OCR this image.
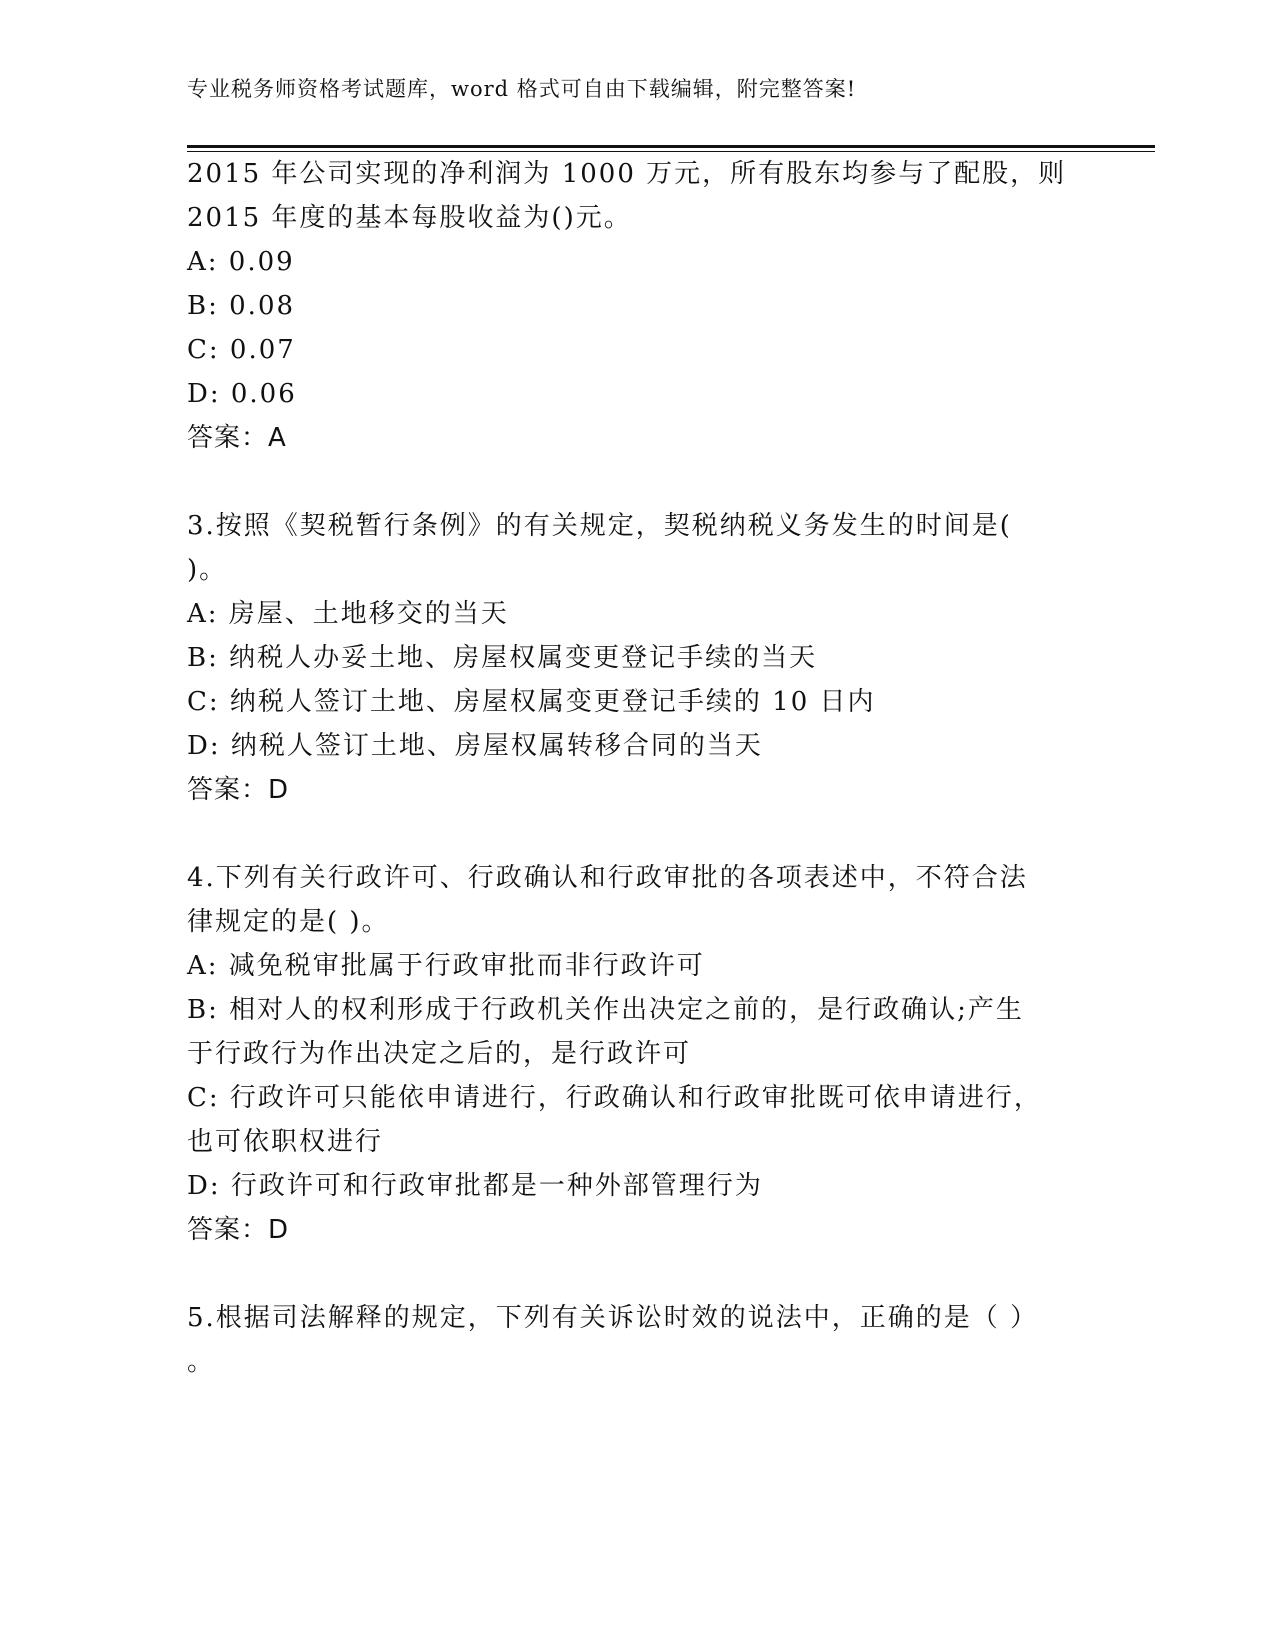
专业税务师资格考试题库，word 格式可自由下载编辑，附完整答案!
2015 年公司实现的净利润为 1000 万元，所有股东均参与了配股，则
2015 年度的基本每股收益为()元。
A: 0.09
B: 0.08
C: 0.07
D: 0.06
答案：A
3.按照《契税暂行条例》的有关规定，契税纳税义务发生的时间是(
)。
A: 房屋、土地移交的当天
B: 纳税人办妥土地、房屋权属变更登记手续的当天
C: 纳税人签订土地、房屋权属变更登记手续的 10 日内
D: 纳税人签订土地、房屋权属转移合同的当天
答案：D
4.下列有关行政许可、行政确认和行政审批的各项表述中，不符合法
律规定的是( )。
A: 减免税审批属于行政审批而非行政许可
B: 相对人的权利形成于行政机关作出决定之前的，是行政确认;产生
于行政行为作出决定之后的，是行政许可
C: 行政许可只能依申请进行，行政确认和行政审批既可依申请进行，
也可依职权进行
D: 行政许可和行政审批都是一种外部管理行为
答案：D
5.根据司法解释的规定，下列有关诉讼时效的说法中，正确的是（ ）
。
